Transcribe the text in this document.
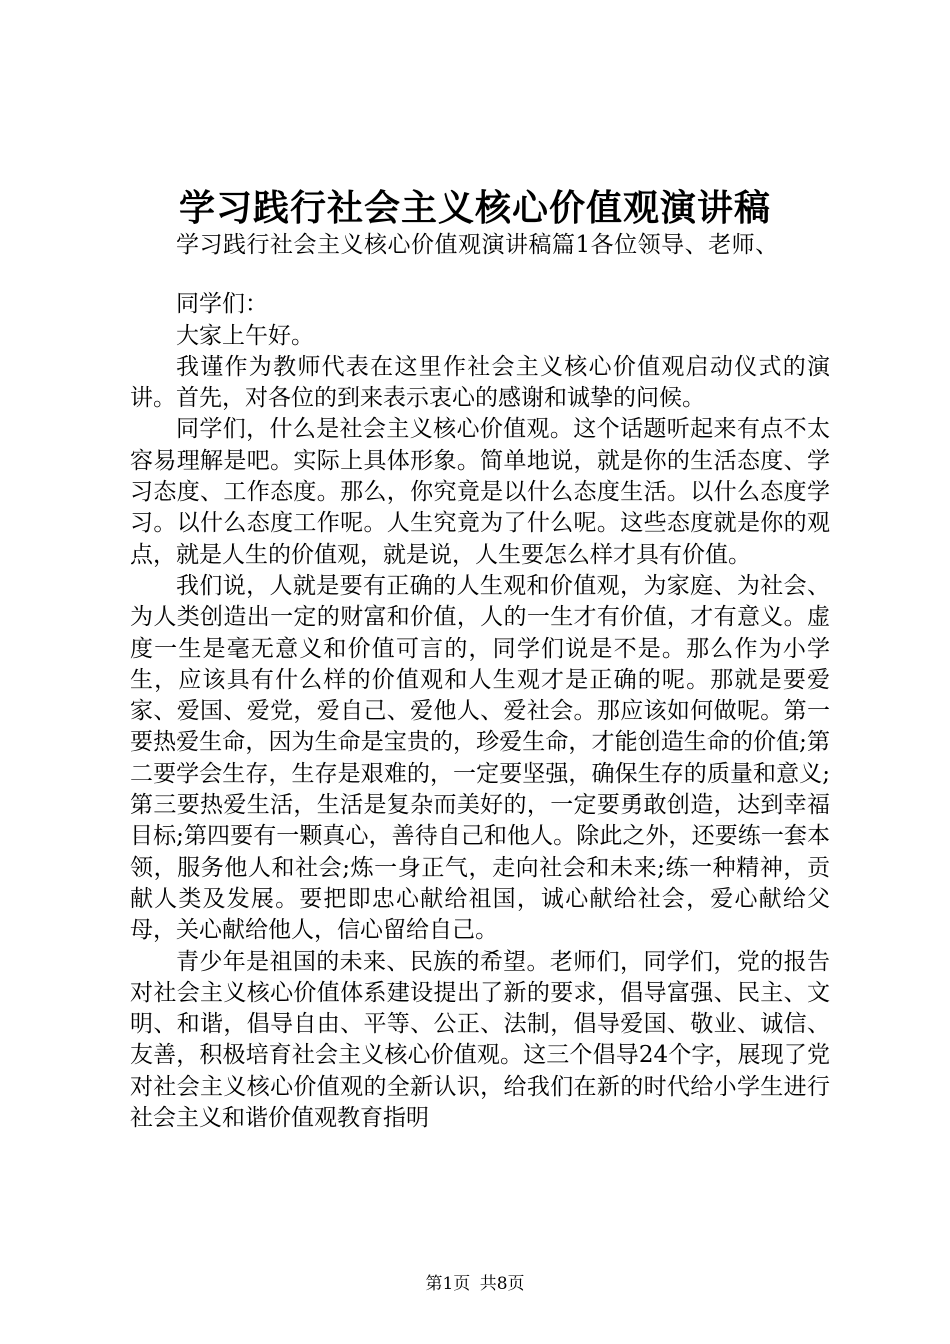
学习践行社会主义核心价值观演讲稿

学习践行社会主义核心价值观演讲稿篇1各位领导、老师、

同学们：

大家上午好。

我谨作为教师代表在这里作社会主义核心价值观启动仪式的演讲。首先，对各位的到来表示衷心的感谢和诚挚的问候。

同学们，什么是社会主义核心价值观。这个话题听起来有点不太容易理解是吧。实际上具体形象。简单地说，就是你的生活态度、学习态度、工作态度。那么，你究竟是以什么态度生活。以什么态度学习。以什么态度工作呢。人生究竟为了什么呢。这些态度就是你的观点，就是人生的价值观，就是说，人生要怎么样才具有价值。

我们说，人就是要有正确的人生观和价值观，为家庭、为社会、为人类创造出一定的财富和价值，人的一生才有价值，才有意义。虚度一生是毫无意义和价值可言的，同学们说是不是。那么作为小学生，应该具有什么样的价值观和人生观才是正确的呢。那就是要爱家、爱国、爱党，爱自己、爱他人、爱社会。那应该如何做呢。第一要热爱生命，因为生命是宝贵的，珍爱生命，才能创造生命的价值;第二要学会生存，生存是艰难的，一定要坚强，确保生存的质量和意义;第三要热爱生活，生活是复杂而美好的，一定要勇敢创造，达到幸福目标;第四要有一颗真心，善待自己和他人。除此之外，还要练一套本领，服务他人和社会;炼一身正气，走向社会和未来;练一种精神，贡献人类及发展。要把即忠心献给祖国，诚心献给社会，爱心献给父母，关心献给他人，信心留给自己。

青少年是祖国的未来、民族的希望。老师们，同学们，党的报告对社会主义核心价值体系建设提出了新的要求，倡导富强、民主、文明、和谐，倡导自由、平等、公正、法制，倡导爱国、敬业、诚信、友善，积极培育社会主义核心价值观。这三个倡导24个字，展现了党对社会主义核心价值观的全新认识，给我们在新的时代给小学生进行社会主义和谐价值观教育指明

第1页 共8页
